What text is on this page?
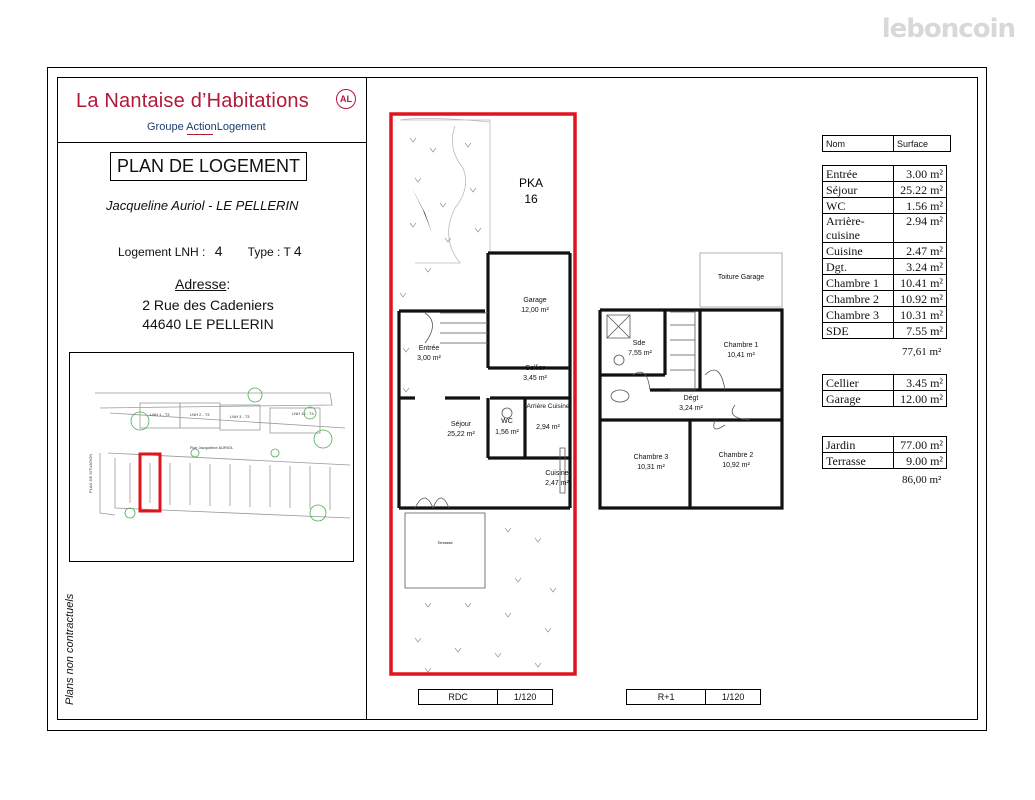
leboncoin
La Nantaise d’Habitations	AL
Groupe ActionLogement
PLAN DE LOGEMENT
Jacqueline Auriol - LE PELLERIN
Logement LNH : 4 Type : T 4
Adresse:
2 Rue des Cadeniers
44640 LE PELLERIN
LNH 1 - T3	LNH 2 - T3	LNH 3 - T3
LNH 12 - T4
Rue Jacqueline AURIOL
PLAN DE SITUATION
Plans non contractuels
PKA 16
Garage
12,00 m²
Entrée
3,00 m²
Cellier
3,45 m²
Séjour
25,22 m²
WC
1,56 m²
Arrière Cuisine
2,94 m²
Cuisine
2,47 m²
Terrasse
Toiture Garage
Sde
7,55 m²
Chambre 1
10,41 m²
Dégt
3,24 m²
Chambre 3
10,31 m²
Chambre 2
10,92 m²
RDC	1/120	R+1	1/120
Nom	Surface
Entrée	3.00 m²
Séjour	25.22 m²
WC	1.56 m²
Arrière-cuisine	2.94 m²
Cuisine	2.47 m²
Dgt.	3.24 m²
Chambre 1	10.41 m²
Chambre 2	10.92 m²
Chambre 3	10.31 m²
SDE	7.55 m²
77,61 m²
Cellier	3.45 m²
Garage	12.00 m²
Jardin	77.00 m²
Terrasse	9.00 m²
86,00 m²
